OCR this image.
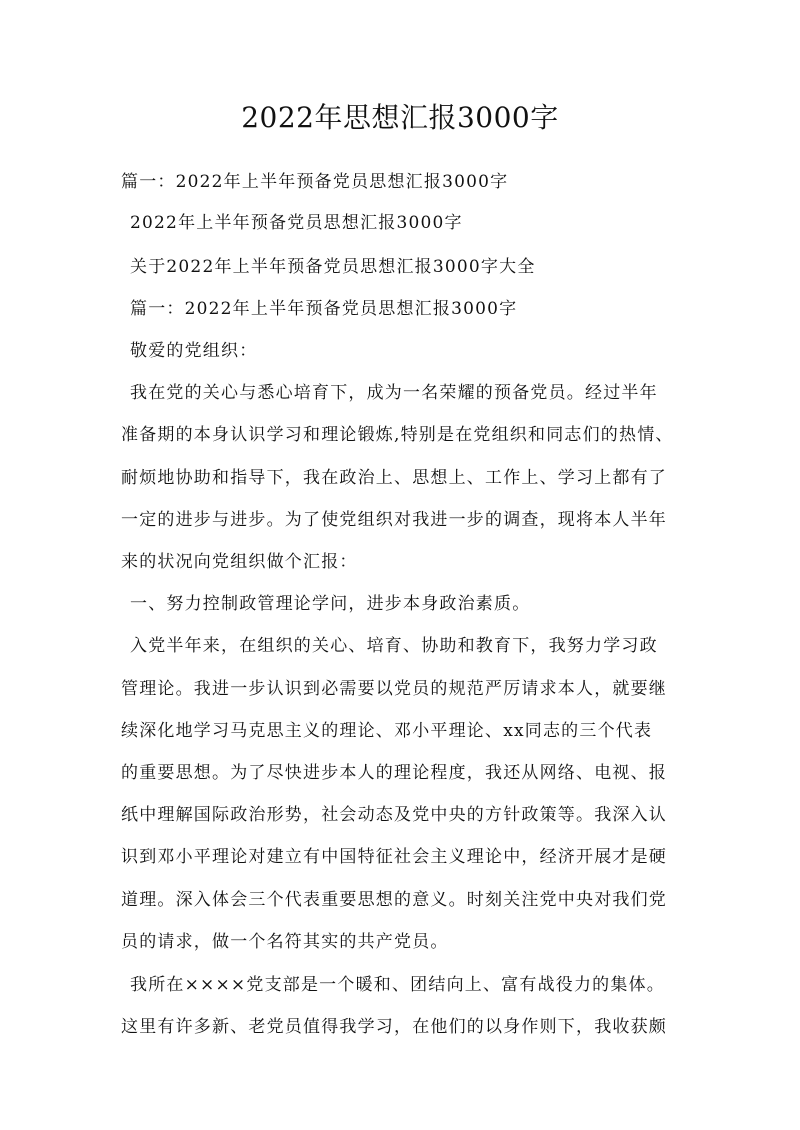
2022年思想汇报3000字
篇一：2022年上半年预备党员思想汇报3000字
2022年上半年预备党员思想汇报3000字
关于2022年上半年预备党员思想汇报3000字大全
篇一：2022年上半年预备党员思想汇报3000字
敬爱的党组织：
我在党的关心与悉心培育下，成为一名荣耀的预备党员。经过半年
准备期的本身认识学习和理论锻炼,特别是在党组织和同志们的热情、
耐烦地协助和指导下，我在政治上、思想上、工作上、学习上都有了
一定的进步与进步。为了使党组织对我进一步的调查，现将本人半年
来的状况向党组织做个汇报：
一、努力控制政管理论学问，进步本身政治素质。
入党半年来，在组织的关心、培育、协助和教育下，我努力学习政
管理论。我进一步认识到必需要以党员的规范严厉请求本人，就要继
续深化地学习马克思主义的理论、邓小平理论、xx同志的三个代表
的重要思想。为了尽快进步本人的理论程度，我还从网络、电视、报
纸中理解国际政治形势，社会动态及党中央的方针政策等。我深入认
识到邓小平理论对建立有中国特征社会主义理论中，经济开展才是硬
道理。深入体会三个代表重要思想的意义。时刻关注党中央对我们党
员的请求，做一个名符其实的共产党员。
我所在××××党支部是一个暖和、团结向上、富有战役力的集体。
这里有许多新、老党员值得我学习，在他们的以身作则下，我收获颇
